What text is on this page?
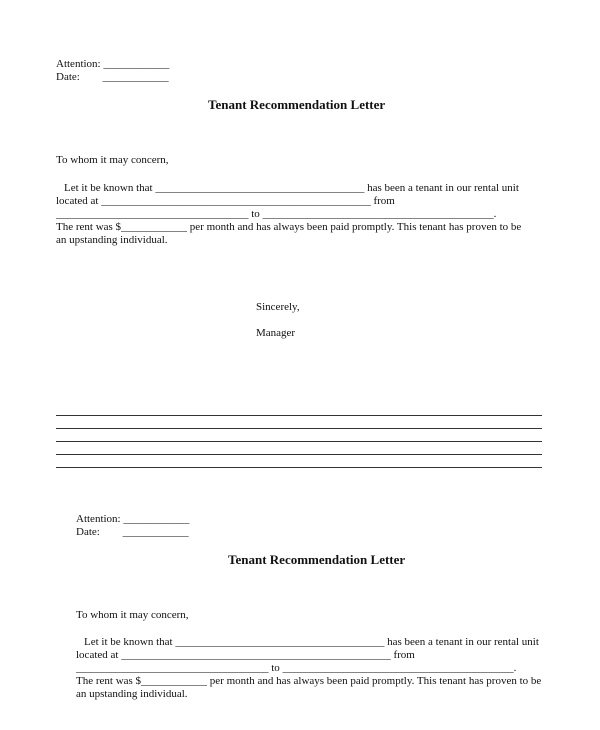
Attention: ____________
Date: ____________
Tenant Recommendation Letter
To whom it may concern,
Let it be known that ______________________________________ has been a tenant in our rental unit
located at _________________________________________________ from
___________________________________ to __________________________________________.
The rent was $____________ per month and has always been paid promptly. This tenant has proven to be
an upstanding individual.
Sincerely,
Manager
Attention: ____________
Date: ____________
Tenant Recommendation Letter
To whom it may concern,
Let it be known that ______________________________________ has been a tenant in our rental unit
located at _________________________________________________ from
___________________________________ to __________________________________________.
The rent was $____________ per month and has always been paid promptly. This tenant has proven to be
an upstanding individual.
